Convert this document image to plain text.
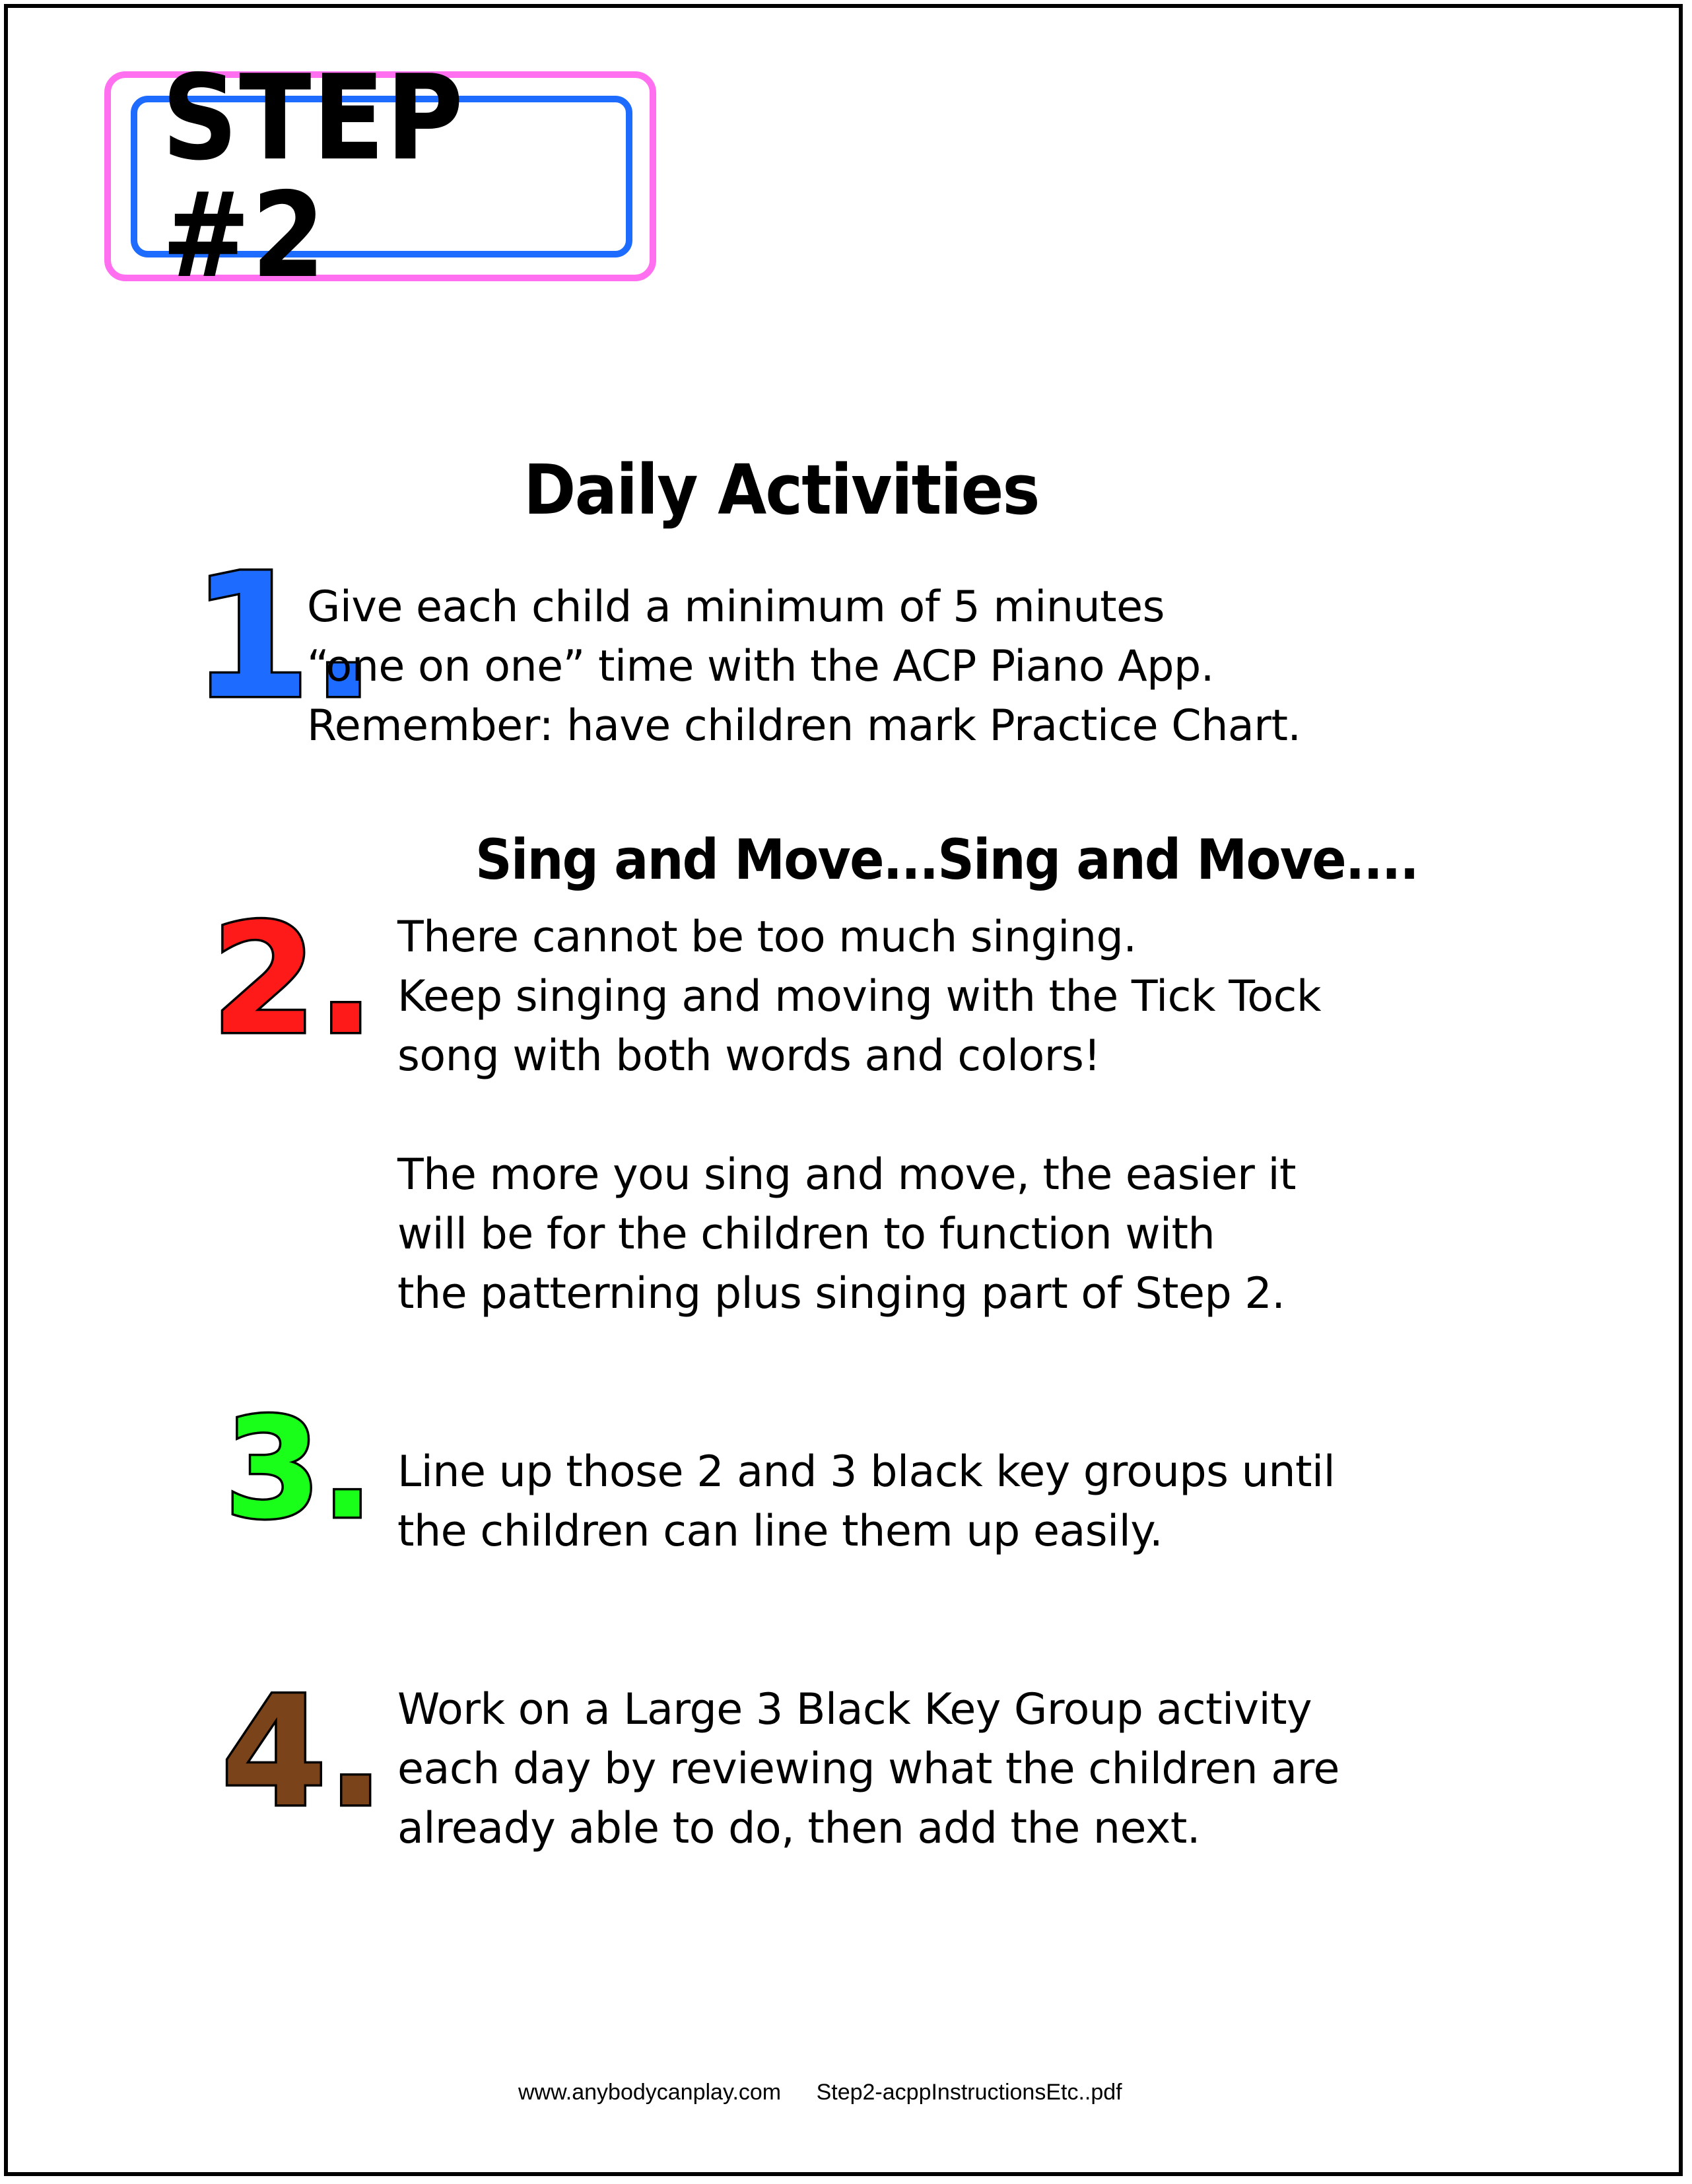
STEP #2
Daily Activities
1.
Give each child a minimum of 5 minutes
“one on one” time with the ACP Piano App.
Remember: have children mark Practice Chart.
Sing and Move...Sing and Move....
2. There cannot be too much singing.
Keep singing and moving with the Tick Tock
song with both words and colors!
The more you sing and move, the easier it
will be for the children to function with
the patterning plus singing part of Step 2.
3. Line up those 2 and 3 black key groups until
the children can line them up easily.
4. Work on a Large 3 Black Key Group activity
each day by reviewing what the children are
already able to do, then add the next.
www.anybodycanplay.com Step2-acppInstructionsEtc..pdf
